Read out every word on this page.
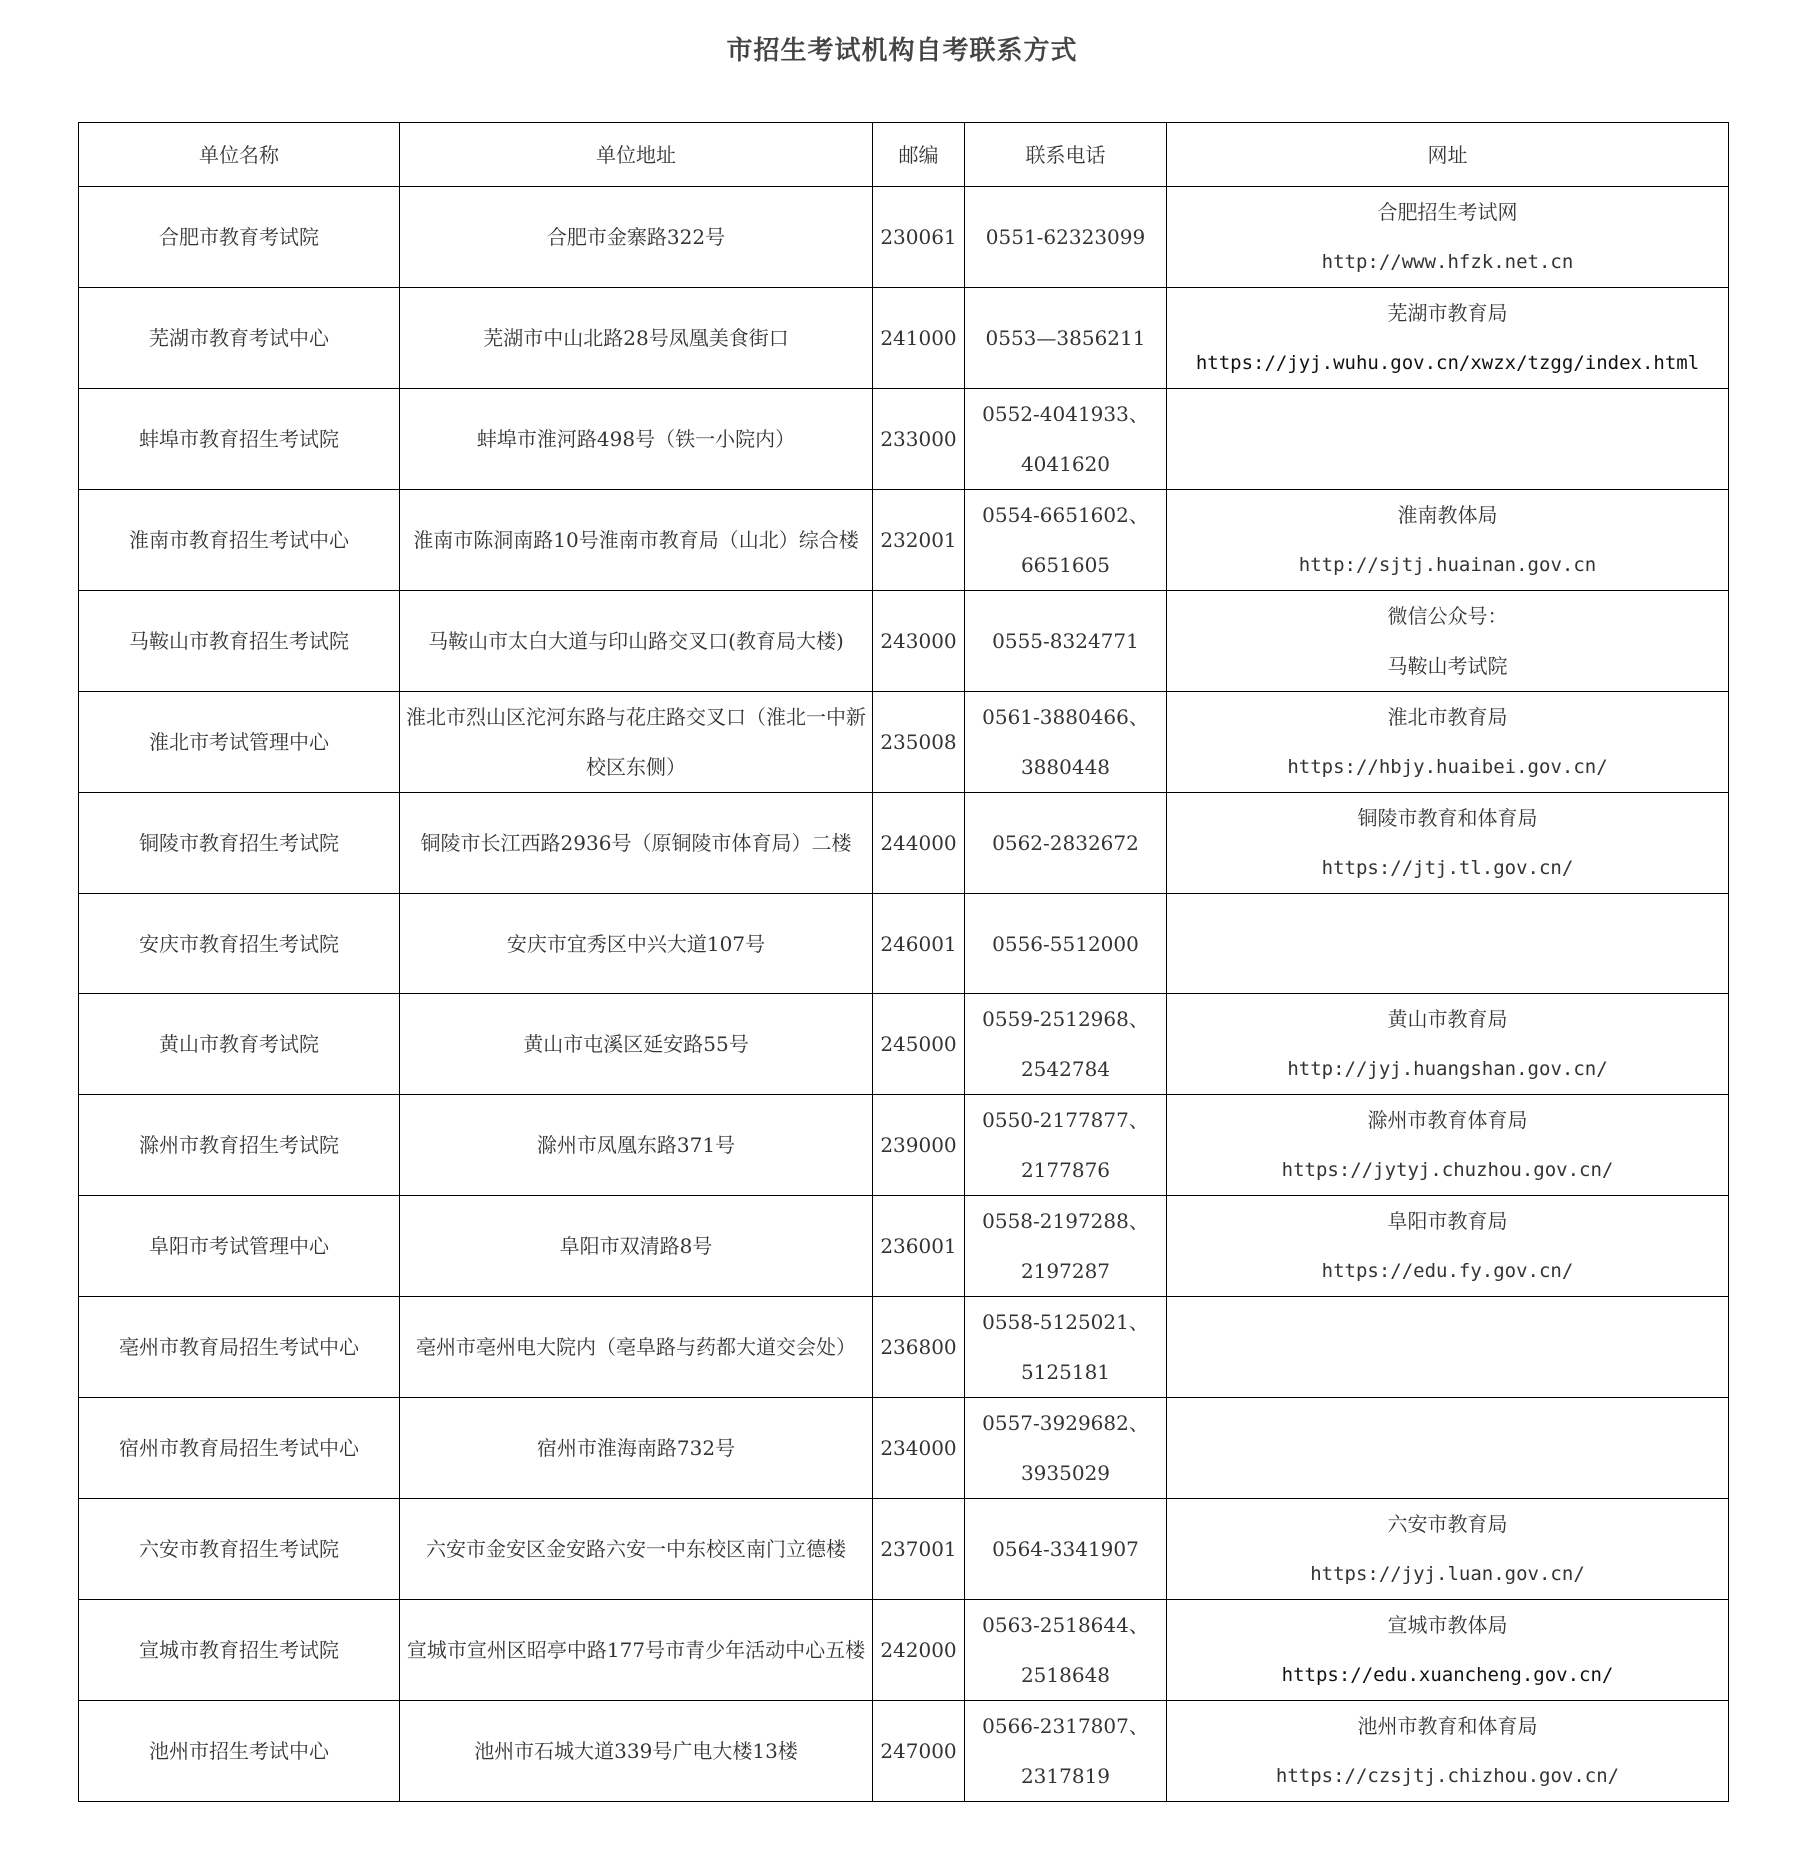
市招生考试机构自考联系方式
单位名称	单位地址	邮编	联系电话	网址
合肥市教育考试院	合肥市金寨路322号	230061	0551-62323099	合肥招生考试网
http://www.hfzk.net.cn

芜湖市教育考试中心	芜湖市中山北路28号凤凰美食街口	241000	0553—3856211	芜湖市教育局
https://jyj.wuhu.gov.cn/xwzx/tzgg/index.html

蚌埠市教育招生考试院	蚌埠市淮河路498号（铁一小院内）	233000	0552-4041933、
4041620	

淮南市教育招生考试中心	淮南市陈洞南路10号淮南市教育局（山北）综合楼	232001	0554-6651602、
6651605	淮南教体局
http://sjtj.huainan.gov.cn

马鞍山市教育招生考试院	马鞍山市太白大道与印山路交叉口(教育局大楼)	243000	0555-8324771	微信公众号：
马鞍山考试院

淮北市考试管理中心	淮北市烈山区沱河东路与花庄路交叉口（淮北一中新校区东侧）	235008	0561-3880466、
3880448	淮北市教育局
https://hbjy.huaibei.gov.cn/

铜陵市教育招生考试院	铜陵市长江西路2936号（原铜陵市体育局）二楼	244000	0562-2832672	铜陵市教育和体育局
https://jtj.tl.gov.cn/

安庆市教育招生考试院	安庆市宜秀区中兴大道107号	246001	0556-5512000	

黄山市教育考试院	黄山市屯溪区延安路55号	245000	0559-2512968、
2542784	黄山市教育局
http://jyj.huangshan.gov.cn/

滁州市教育招生考试院	滁州市凤凰东路371号	239000	0550-2177877、
2177876	滁州市教育体育局
https://jytyj.chuzhou.gov.cn/

阜阳市考试管理中心	阜阳市双清路8号	236001	0558-2197288、
2197287	阜阳市教育局
https://edu.fy.gov.cn/

亳州市教育局招生考试中心	亳州市亳州电大院内（亳阜路与药都大道交会处）	236800	0558-5125021、
5125181	

宿州市教育局招生考试中心	宿州市淮海南路732号	234000	0557-3929682、
3935029	

六安市教育招生考试院	六安市金安区金安路六安一中东校区南门立德楼	237001	0564-3341907	六安市教育局
https://jyj.luan.gov.cn/

宣城市教育招生考试院	宣城市宣州区昭亭中路177号市青少年活动中心五楼	242000	0563-2518644、
2518648	宣城市教体局
https://edu.xuancheng.gov.cn/

池州市招生考试中心	池州市石城大道339号广电大楼13楼	247000	0566-2317807、
2317819	池州市教育和体育局
https://czsjtj.chizhou.gov.cn/
